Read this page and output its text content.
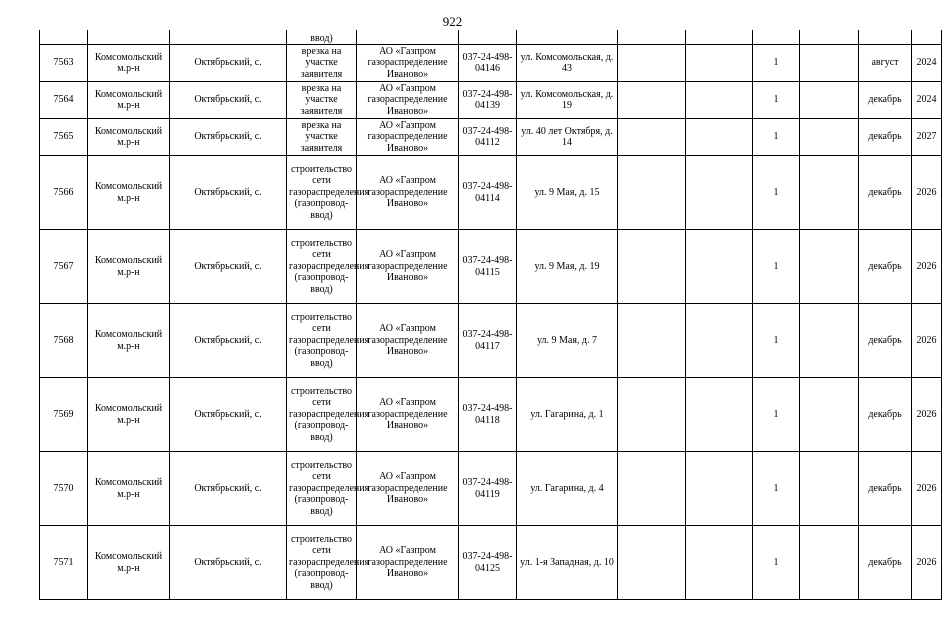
922
			ввод)									
7563	Комсомольский м.р-н	Октябрьский, с.	врезка на участке заявителя	АО «Газпром газораспределение Иваново»	037-24-498-04146	ул. Комсомольская, д. 43			1		август	2024
7564	Комсомольский м.р-н	Октябрьский, с.	врезка на участке заявителя	АО «Газпром газораспределение Иваново»	037-24-498-04139	ул. Комсомольская, д. 19			1		декабрь	2024
7565	Комсомольский м.р-н	Октябрьский, с.	врезка на участке заявителя	АО «Газпром газораспределение Иваново»	037-24-498-04112	ул. 40 лет Октября, д. 14			1		декабрь	2027
7566	Комсомольский м.р-н	Октябрьский, с.	строительство сети газораспределения (газопровод-ввод)	АО «Газпром газораспределение Иваново»	037-24-498-04114	ул. 9 Мая, д. 15			1		декабрь	2026
7567	Комсомольский м.р-н	Октябрьский, с.	строительство сети газораспределения (газопровод-ввод)	АО «Газпром газораспределение Иваново»	037-24-498-04115	ул. 9 Мая, д. 19			1		декабрь	2026
7568	Комсомольский м.р-н	Октябрьский, с.	строительство сети газораспределения (газопровод-ввод)	АО «Газпром газораспределение Иваново»	037-24-498-04117	ул. 9 Мая, д. 7			1		декабрь	2026
7569	Комсомольский м.р-н	Октябрьский, с.	строительство сети газораспределения (газопровод-ввод)	АО «Газпром газораспределение Иваново»	037-24-498-04118	ул. Гагарина, д. 1			1		декабрь	2026
7570	Комсомольский м.р-н	Октябрьский, с.	строительство сети газораспределения (газопровод-ввод)	АО «Газпром газораспределение Иваново»	037-24-498-04119	ул. Гагарина, д. 4			1		декабрь	2026
7571	Комсомольский м.р-н	Октябрьский, с.	строительство сети газораспределения (газопровод-ввод)	АО «Газпром газораспределение Иваново»	037-24-498-04125	ул. 1-я Западная, д. 10			1		декабрь	2026
